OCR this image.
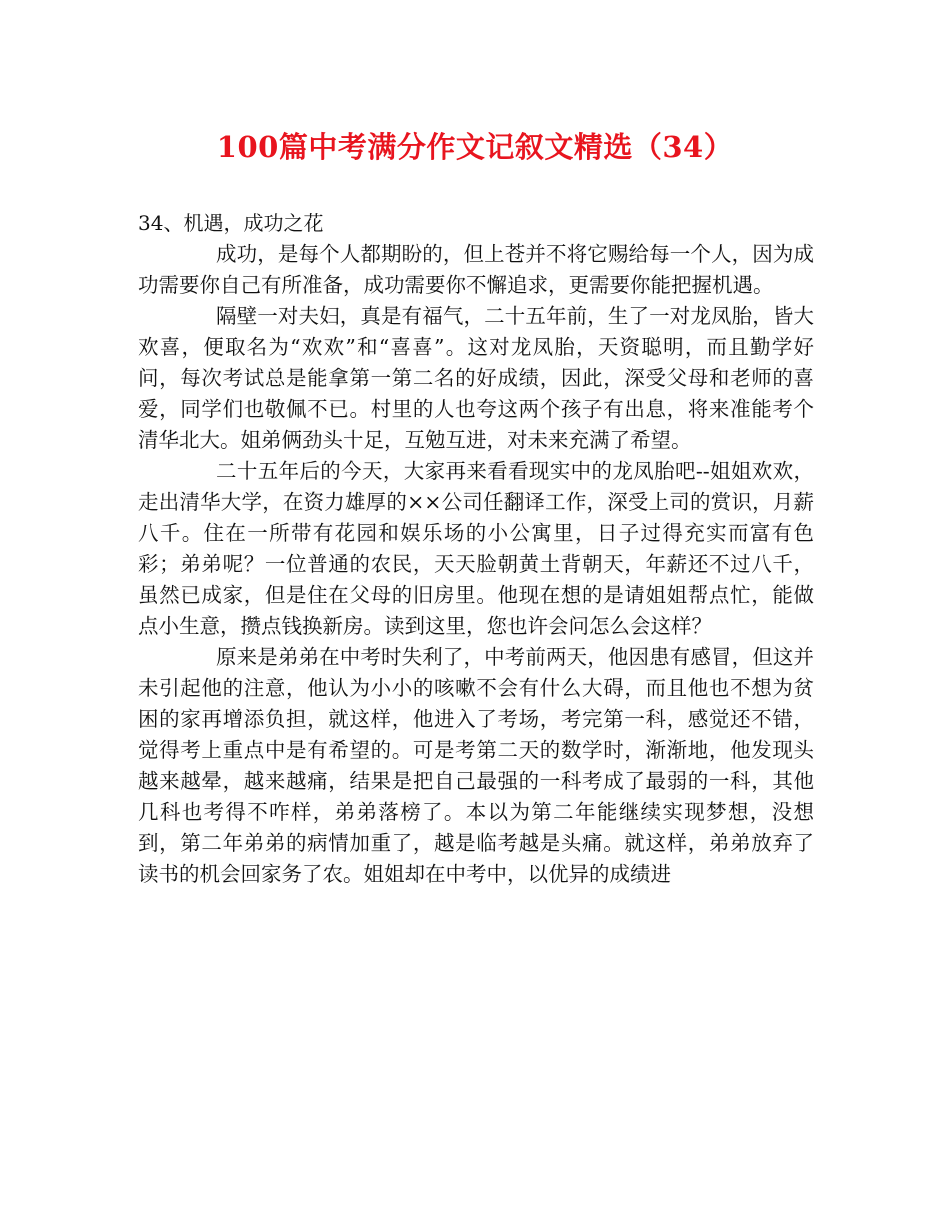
100篇中考满分作文记叙文精选（34）

34、机遇，成功之花

成功，是每个人都期盼的，但上苍并不将它赐给每一个人，因为成功需要你自己有所准备，成功需要你不懈追求，更需要你能把握机遇。

隔壁一对夫妇，真是有福气，二十五年前，生了一对龙凤胎，皆大欢喜，便取名为“欢欢”和“喜喜”。这对龙凤胎，天资聪明，而且勤学好问，每次考试总是能拿第一第二名的好成绩，因此，深受父母和老师的喜爱，同学们也敬佩不已。村里的人也夸这两个孩子有出息，将来准能考个清华北大。姐弟俩劲头十足，互勉互进，对未来充满了希望。

二十五年后的今天，大家再来看看现实中的龙凤胎吧--姐姐欢欢，走出清华大学，在资力雄厚的××公司任翻译工作，深受上司的赏识，月薪八千。住在一所带有花园和娱乐场的小公寓里，日子过得充实而富有色彩；弟弟呢？一位普通的农民，天天脸朝黄土背朝天，年薪还不过八千，虽然已成家，但是住在父母的旧房里。他现在想的是请姐姐帮点忙，能做点小生意，攒点钱换新房。读到这里，您也许会问怎么会这样？

原来是弟弟在中考时失利了，中考前两天，他因患有感冒，但这并未引起他的注意，他认为小小的咳嗽不会有什么大碍，而且他也不想为贫困的家再增添负担，就这样，他进入了考场，考完第一科，感觉还不错，觉得考上重点中是有希望的。可是考第二天的数学时，渐渐地，他发现头越来越晕，越来越痛，结果是把自己最强的一科考成了最弱的一科，其他几科也考得不咋样，弟弟落榜了。本以为第二年能继续实现梦想，没想到，第二年弟弟的病情加重了，越是临考越是头痛。就这样，弟弟放弃了读书的机会回家务了农。姐姐却在中考中，以优异的成绩进
